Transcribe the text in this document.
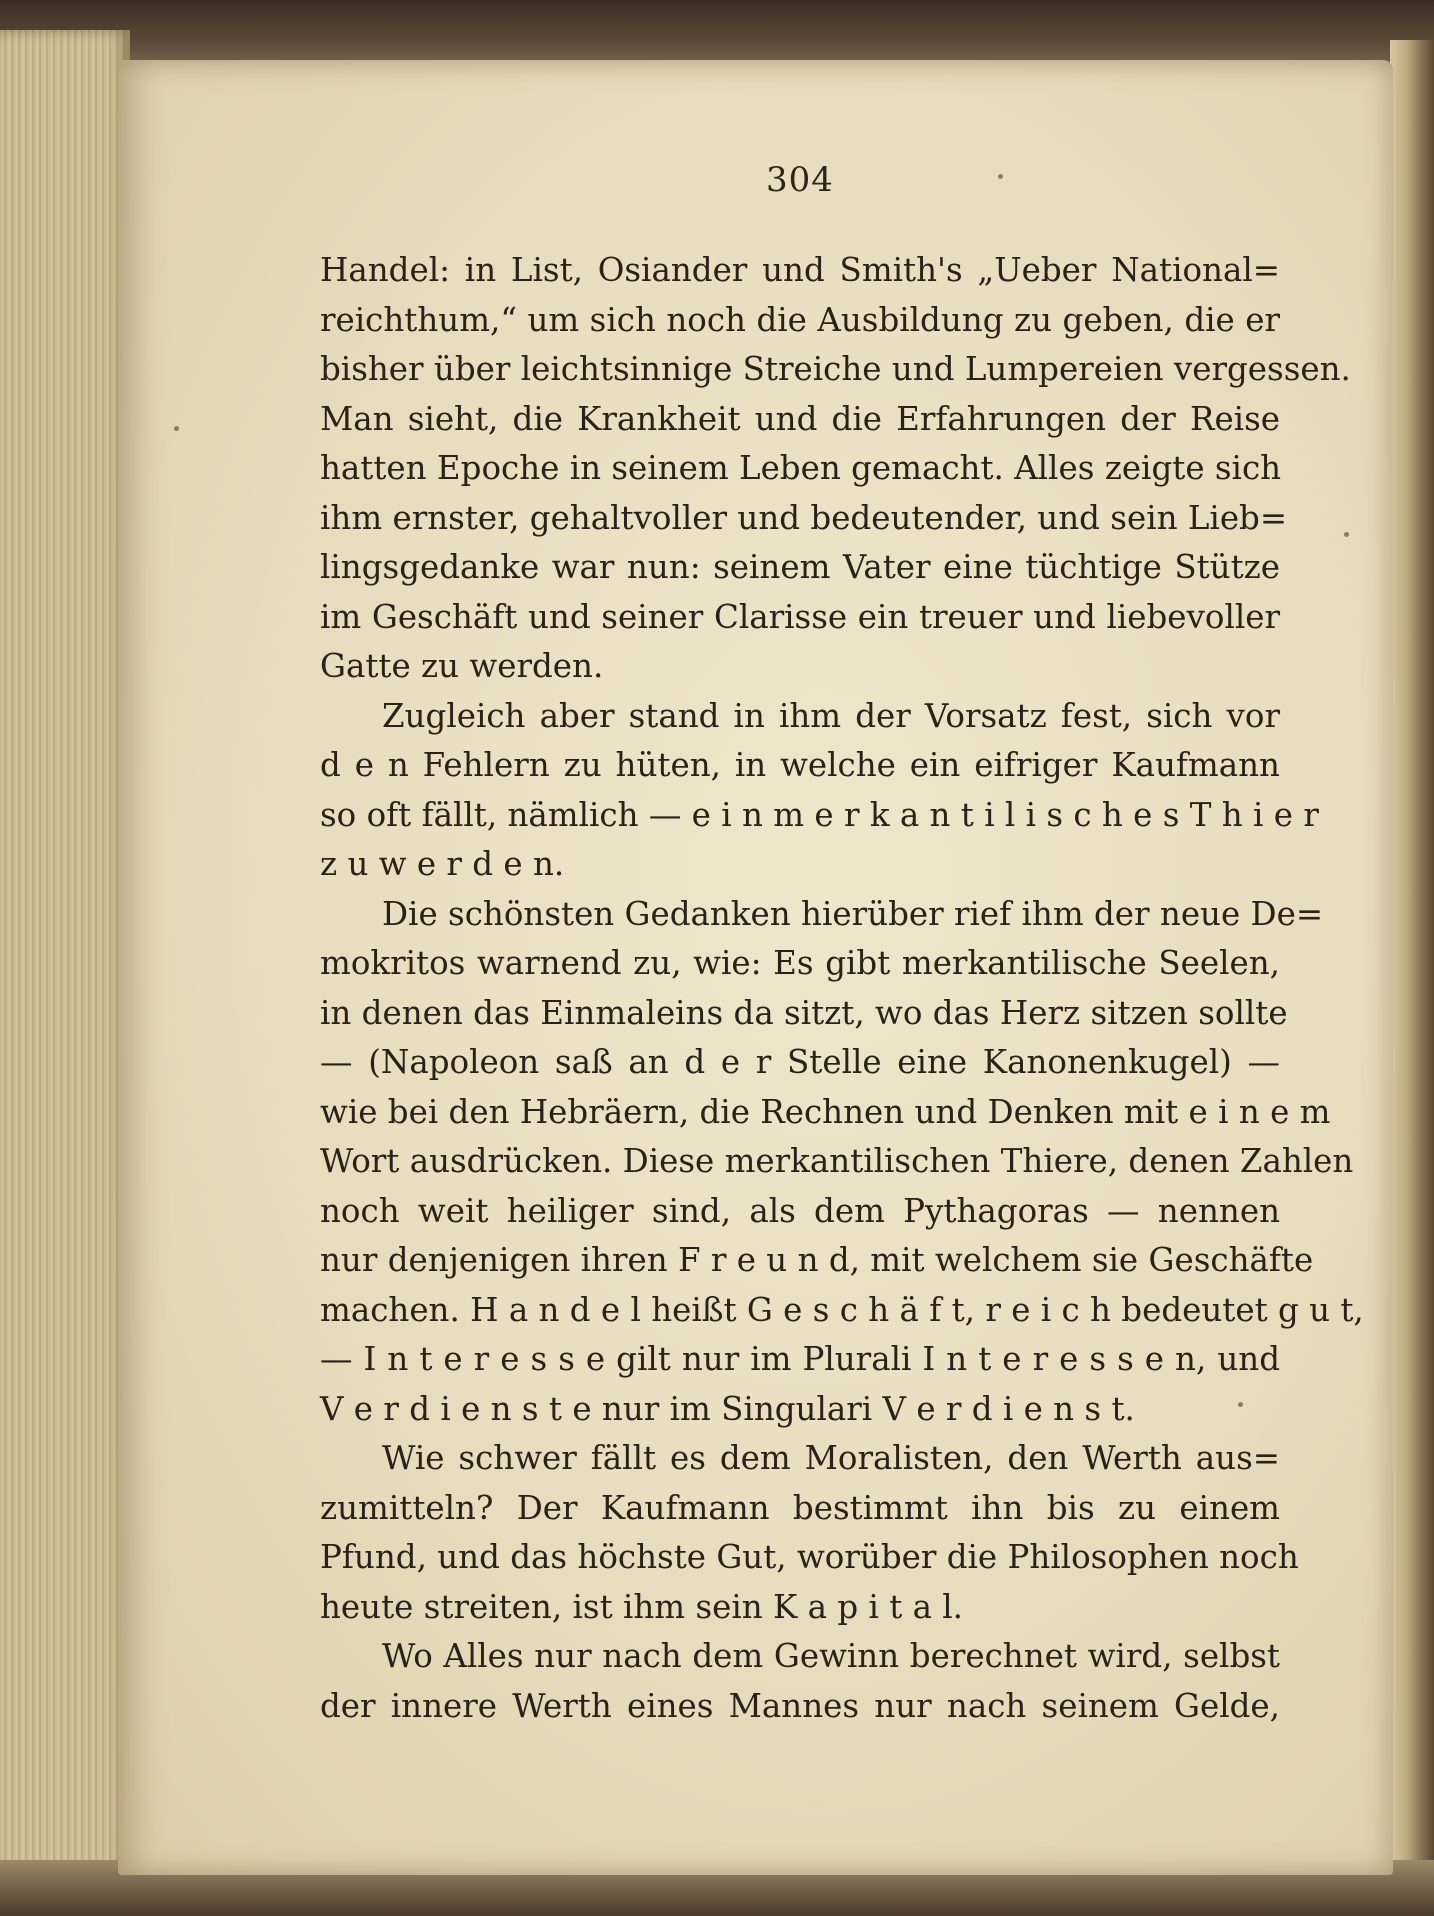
304
Handel: in List, Osiander und Smith's „Ueber National=
reichthum,“ um sich noch die Ausbildung zu geben, die er
bisher über leichtsinnige Streiche und Lumpereien vergessen.
Man sieht, die Krankheit und die Erfahrungen der Reise
hatten Epoche in seinem Leben gemacht. Alles zeigte sich
ihm ernster, gehaltvoller und bedeutender, und sein Lieb=
lingsgedanke war nun: seinem Vater eine tüchtige Stütze
im Geschäft und seiner Clarisse ein treuer und liebevoller
Gatte zu werden.
Zugleich aber stand in ihm der Vorsatz fest, sich vor
d e n Fehlern zu hüten, in welche ein eifriger Kaufmann
so oft fällt, nämlich — e i n m e r k a n t i l i s c h e s T h i e r
z u w e r d e n.
Die schönsten Gedanken hierüber rief ihm der neue De=
mokritos warnend zu, wie: Es gibt merkantilische Seelen,
in denen das Einmaleins da sitzt, wo das Herz sitzen sollte
— (Napoleon saß an d e r Stelle eine Kanonenkugel) —
wie bei den Hebräern, die Rechnen und Denken mit e i n e m
Wort ausdrücken. Diese merkantilischen Thiere, denen Zahlen
noch weit heiliger sind, als dem Pythagoras — nennen
nur denjenigen ihren F r e u n d, mit welchem sie Geschäfte
machen. H a n d e l heißt G e s c h ä f t, r e i c h bedeutet g u t,
— I n t e r e s s e gilt nur im Plurali I n t e r e s s e n, und
V e r d i e n s t e nur im Singulari V e r d i e n s t.
Wie schwer fällt es dem Moralisten, den Werth aus=
zumitteln? Der Kaufmann bestimmt ihn bis zu einem
Pfund, und das höchste Gut, worüber die Philosophen noch
heute streiten, ist ihm sein K a p i t a l.
Wo Alles nur nach dem Gewinn berechnet wird, selbst
der innere Werth eines Mannes nur nach seinem Gelde,
